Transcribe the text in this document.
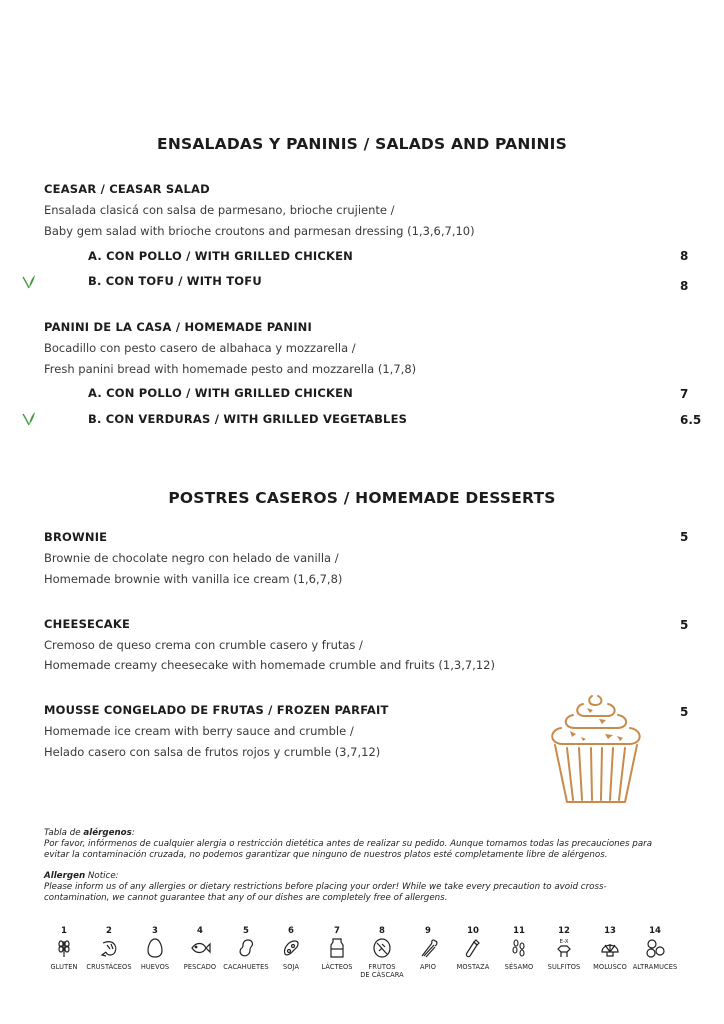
ENSALADAS Y PANINIS / SALADS AND PANINIS
CEASAR / CEASAR SALAD
Ensalada clasicá con salsa de parmesano, brioche crujiente /
Baby gem salad with brioche croutons and parmesan dressing (1,3,6,7,10)
A. CON POLLO / WITH GRILLED CHICKEN	8
B. CON TOFU / WITH TOFU	8
PANINI DE LA CASA / HOMEMADE PANINI
Bocadillo con pesto casero de albahaca y mozzarella /
Fresh panini bread with homemade pesto and mozzarella (1,7,8)
A. CON POLLO / WITH GRILLED CHICKEN	7
B. CON VERDURAS / WITH GRILLED VEGETABLES	6.5
POSTRES CASEROS / HOMEMADE DESSERTS
BROWNIE	5
Brownie de chocolate negro con helado de vanilla /
Homemade brownie with vanilla ice cream (1,6,7,8)
CHEESECAKE	5
Cremoso de queso crema con crumble casero y frutas /
Homemade creamy cheesecake with homemade crumble and fruits (1,3,7,12)
MOUSSE CONGELADO DE FRUTAS / FROZEN PARFAIT	5
Homemade ice cream with berry sauce and crumble /
Helado casero con salsa de frutos rojos y crumble (3,7,12)
Tabla de alérgenos:
Por favor, infórmenos de cualquier alergia o restricción dietética antes de realizar su pedido. Aunque tomamos todas las precauciones para
evitar la contaminación cruzada, no podemos garantizar que ninguno de nuestros platos esté completamente libre de alérgenos.
Allergen Notice:
Please inform us of any allergies or dietary restrictions before placing your order! While we take every precaution to avoid cross-
contamination, we cannot guarantee that any of our dishes are completely free of allergens.
1
GLUTEN
2
CRUSTÁCEOS
3
HUEVOS
4
PESCADO
5
CACAHUETES
6
SOJA
7
LÁCTEOS
8
FRUTOS
DE CÁSCARA
9
APIO
10
MOSTAZA
11
SÉSAMO
12
E-X
SULFITOS
13
MOLUSCO
14
ALTRAMUCES
